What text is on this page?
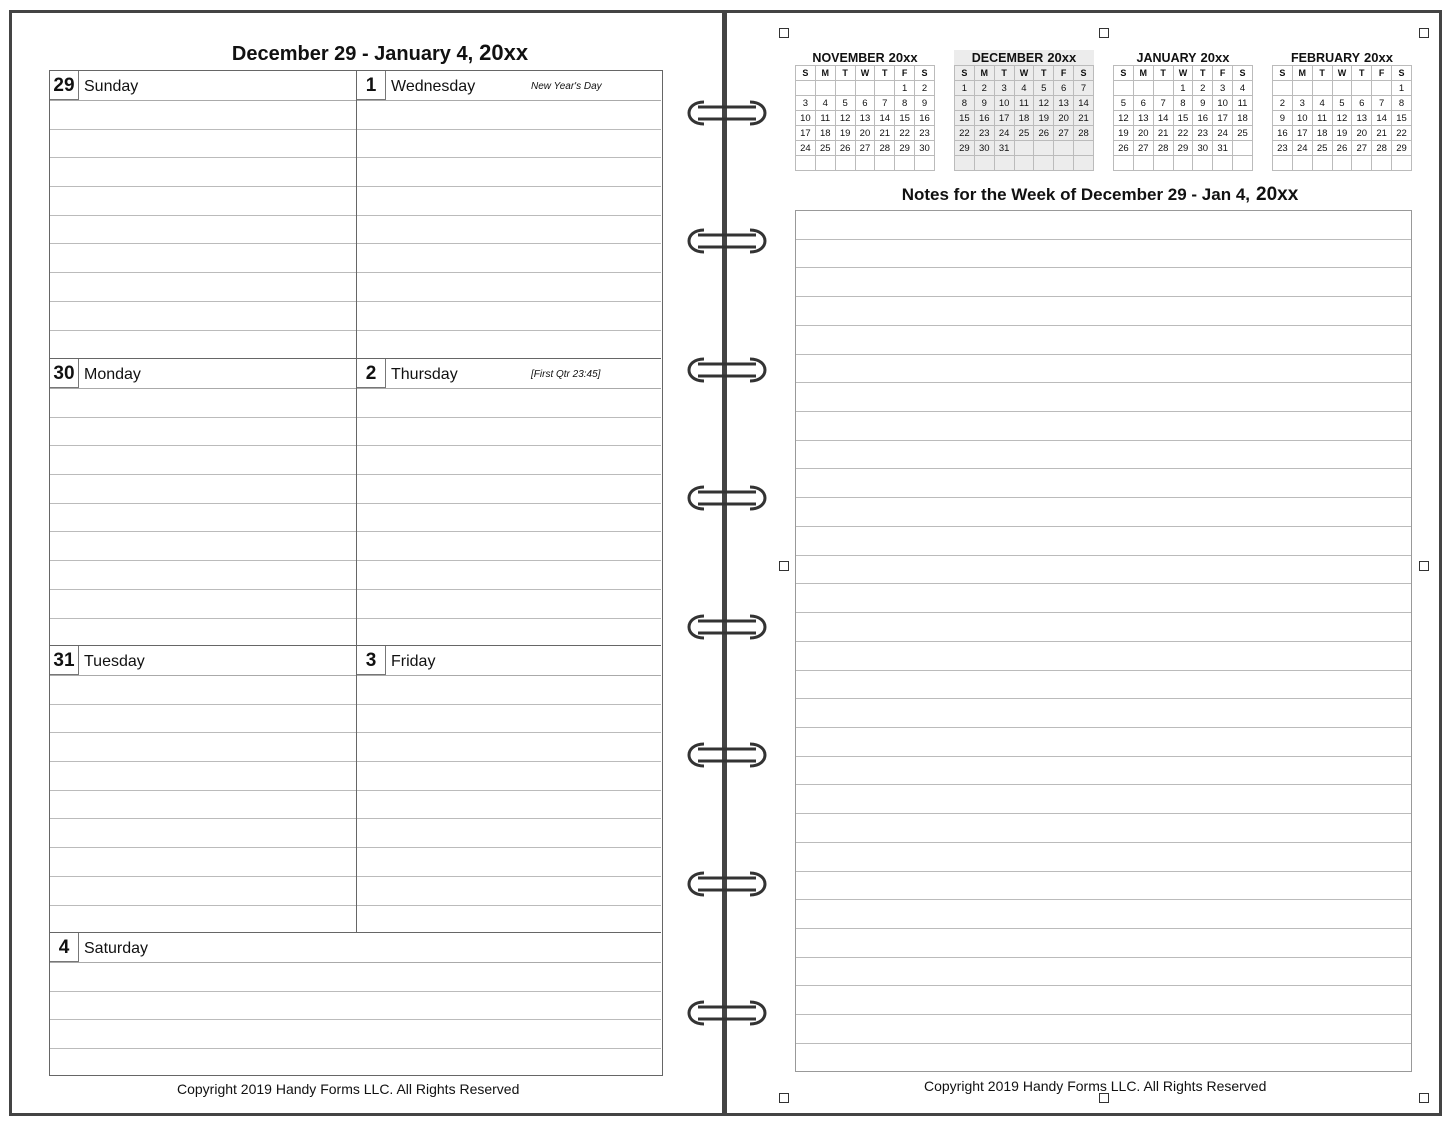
December 29 - January 4, 20xx
29 Sunday	1 Wednesday	New Year's Day
30 Monday	2 Thursday	[First Qtr 23:45]
31 Tuesday	3 Friday
4 Saturday
Copyright 2019 Handy Forms LLC. All Rights Reserved
NOVEMBER 20xx
S	M	T	W	T	F	S
					1	2
3	4	5	6	7	8	9
10	11	12	13	14	15	16
17	18	19	20	21	22	23
24	25	26	27	28	29	30

DECEMBER 20xx
S	M	T	W	T	F	S
1	2	3	4	5	6	7
8	9	10	11	12	13	14
15	16	17	18	19	20	21
22	23	24	25	26	27	28
29	30	31				

JANUARY 20xx
S	M	T	W	T	F	S
			1	2	3	4
5	6	7	8	9	10	11
12	13	14	15	16	17	18
19	20	21	22	23	24	25
26	27	28	29	30	31	

FEBRUARY 20xx
S	M	T	W	T	F	S
						1
2	3	4	5	6	7	8
9	10	11	12	13	14	15
16	17	18	19	20	21	22
23	24	25	26	27	28	29

Notes for the Week of December 29 - Jan 4, 20xx
Copyright 2019 Handy Forms LLC. All Rights Reserved
